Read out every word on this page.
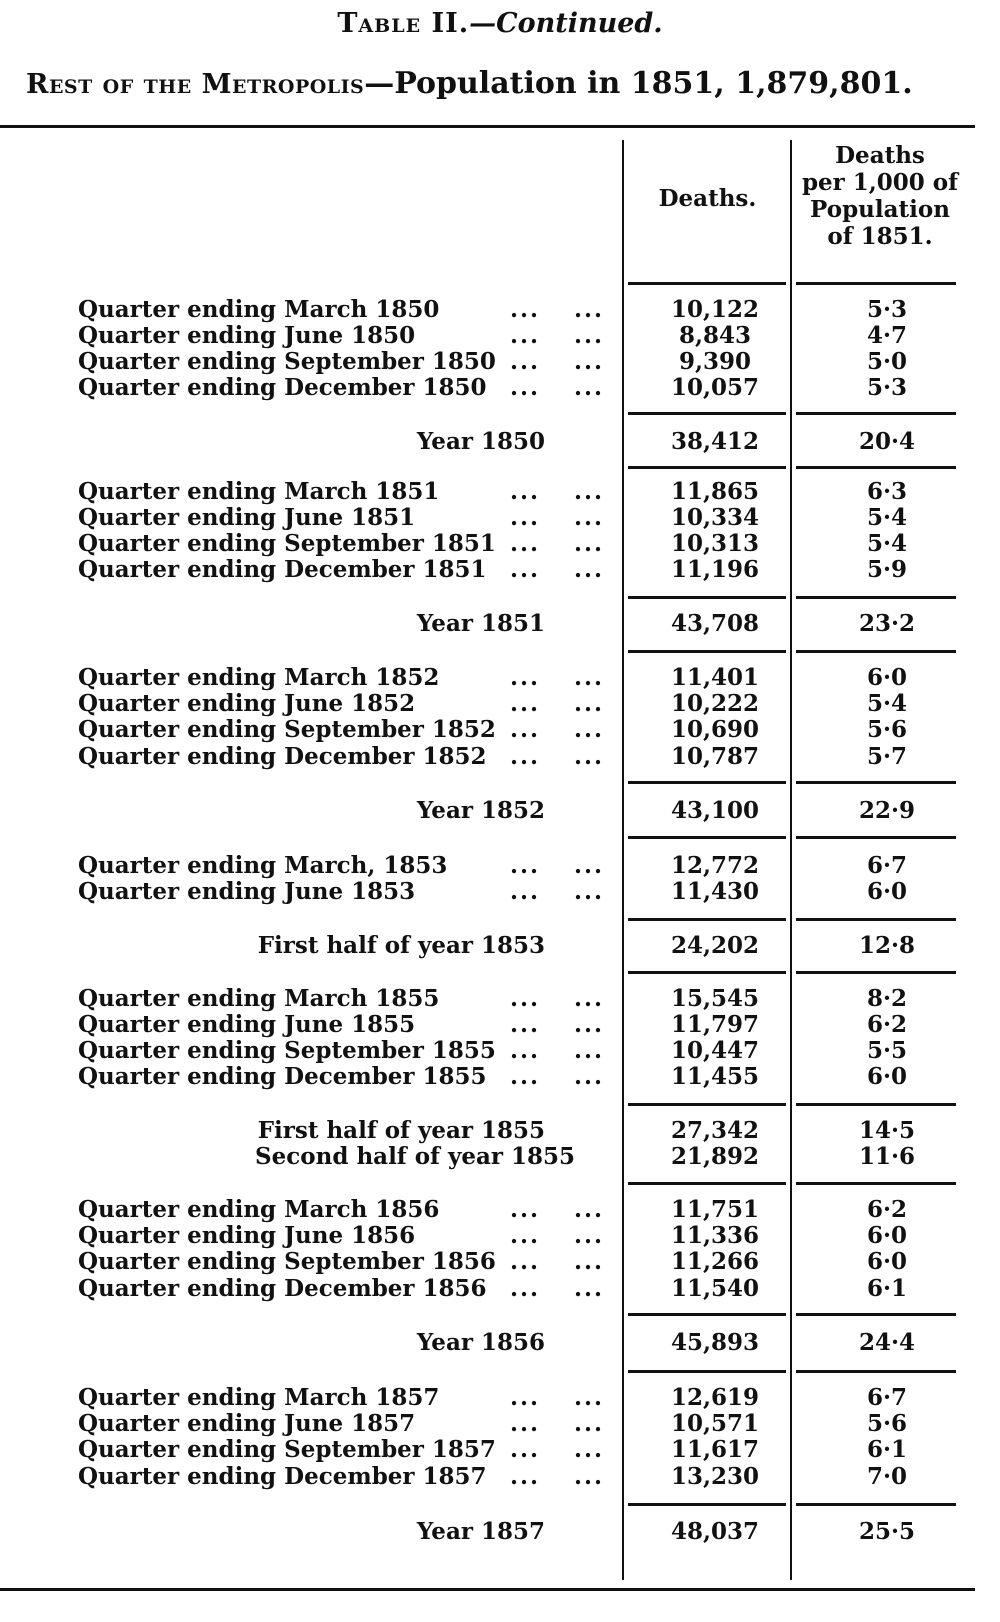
Table II.—Continued.
Rest of the Metropolis—Population in 1851, 1,879,801.
Deaths.
Deaths
per 1,000 of
Population
of 1851.
Quarter ending March 1850	... ...	10,122	5·3
Quarter ending June 1850	... ...	8,843	4·7
Quarter ending September 1850 ... ...	9,390	5·0
Quarter ending December 1850 ... ...	10,057	5·3
Year 1850	38,412	20·4
Quarter ending March 1851	... ...	11,865	6·3
Quarter ending June 1851	... ...	10,334	5·4
Quarter ending September 1851 ... ...	10,313	5·4
Quarter ending December 1851 ... ...	11,196	5·9
Year 1851	43,708	23·2
Quarter ending March 1852	... ...	11,401	6·0
Quarter ending June 1852	... ...	10,222	5·4
Quarter ending September 1852 ... ...	10,690	5·6
Quarter ending December 1852 ... ...	10,787	5·7
Year 1852	43,100	22·9
Quarter ending March, 1853	... ...	12,772	6·7
Quarter ending June 1853	... ...	11,430	6·0
First half of year 1853	24,202	12·8
Quarter ending March 1855	... ...	15,545	8·2
Quarter ending June 1855	... ...	11,797	6·2
Quarter ending September 1855 ... ...	10,447	5·5
Quarter ending December 1855 ... ...	11,455	6·0
First half of year 1855	27,342	14·5
Second half of year 1855	21,892	11·6
Quarter ending March 1856	... ...	11,751	6·2
Quarter ending June 1856	... ...	11,336	6·0
Quarter ending September 1856 ... ...	11,266	6·0
Quarter ending December 1856 ... ...	11,540	6·1
Year 1856	45,893	24·4
Quarter ending March 1857	... ...	12,619	6·7
Quarter ending June 1857	... ...	10,571	5·6
Quarter ending September 1857 ... ...	11,617	6·1
Quarter ending December 1857 ... ...	13,230	7·0
Year 1857	48,037	25·5
